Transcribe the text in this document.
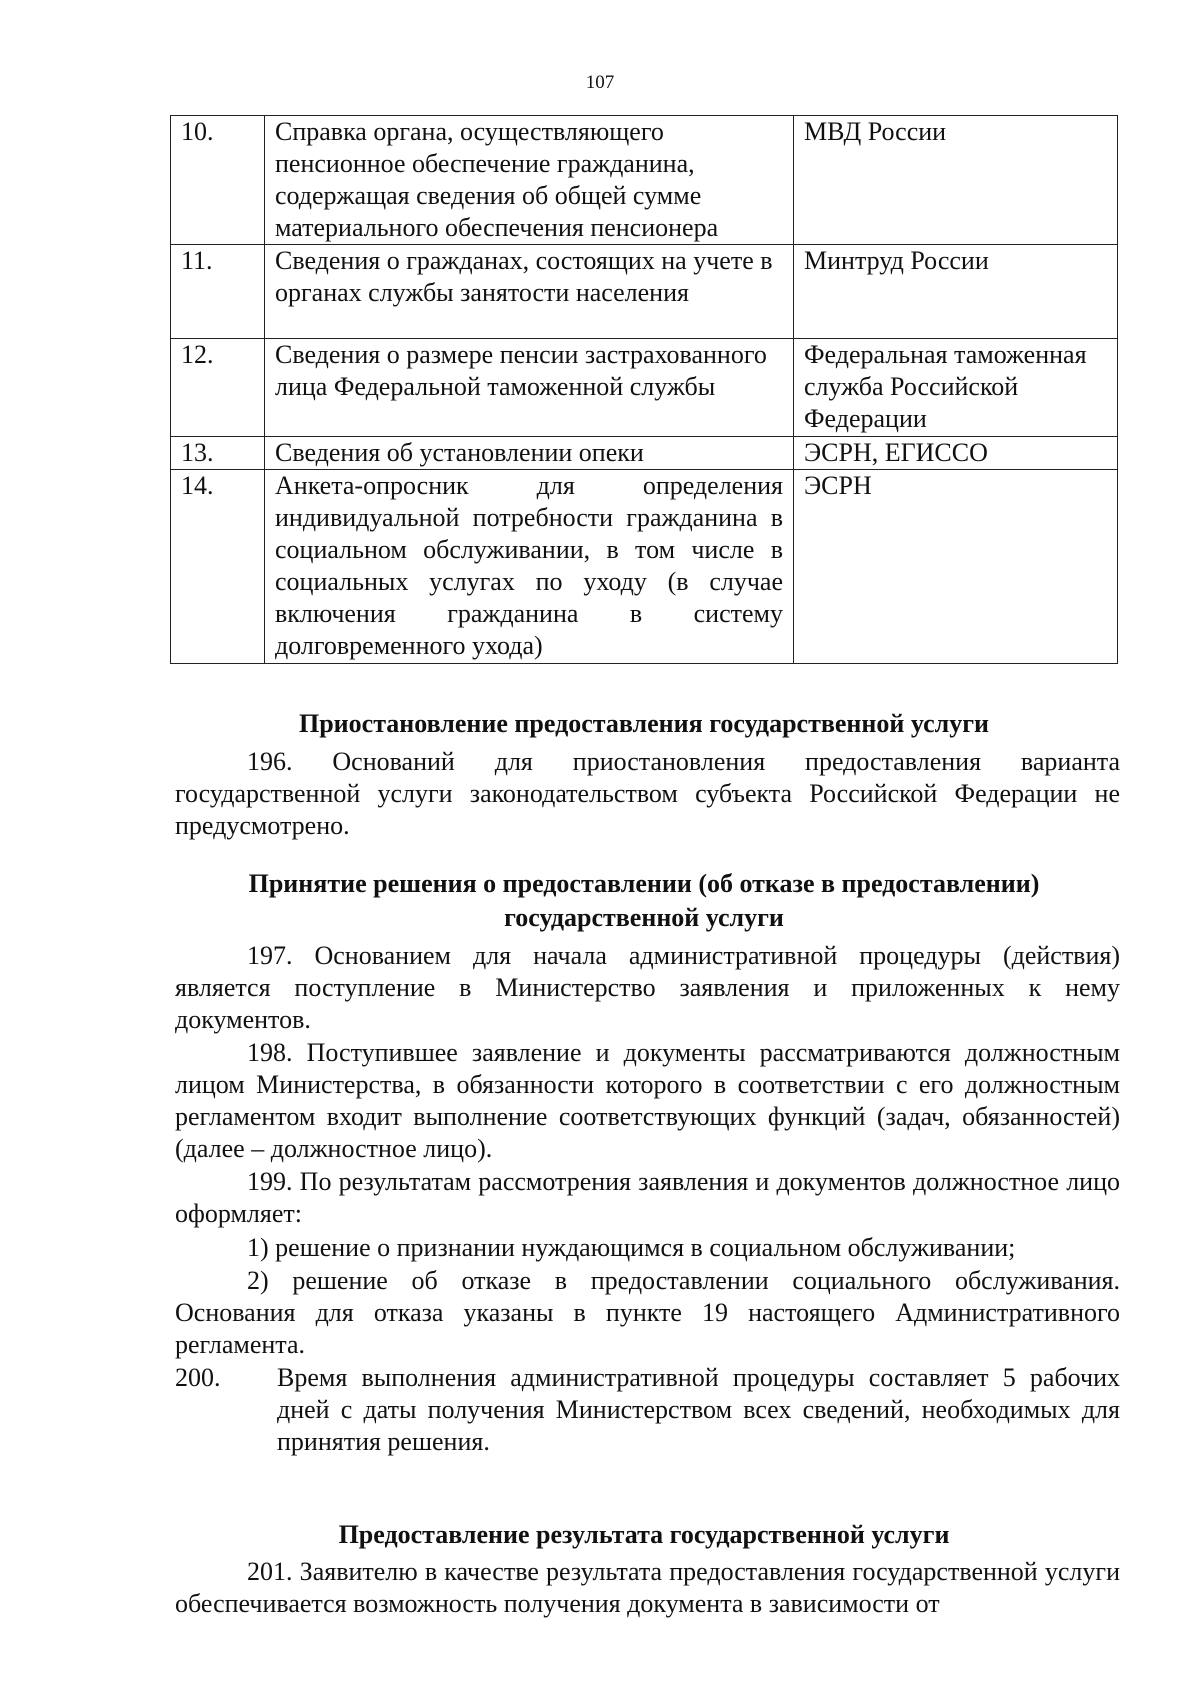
107
10.	Справка органа, осуществляющего пенсионное обеспечение гражданина, содержащая сведения об общей сумме материального обеспечения пенсионера	МВД России
11.	Сведения о гражданах, состоящих на учете в органах службы занятости населения	Минтруд России
12.	Сведения о размере пенсии застрахованного лица Федеральной таможенной службы	Федеральная таможенная служба Российской Федерации
13.	Сведения об установлении опеки	ЭСРН, ЕГИССО
14.	Анкета-опросник для определения индивидуальной потребности гражданина в социальном обслуживании, в том числе в социальных услугах по уходу (в случае включения гражданина в систему долговременного ухода)	ЭСРН
Приостановление предоставления государственной услуги
196. Оснований для приостановления предоставления варианта государственной услуги законодательством субъекта Российской Федерации не предусмотрено.
Принятие решения о предоставлении (об отказе в предоставлении)
государственной услуги
197. Основанием для начала административной процедуры (действия) является поступление в Министерство заявления и приложенных к нему документов.
198. Поступившее заявление и документы рассматриваются должностным лицом Министерства, в обязанности которого в соответствии с его должностным регламентом входит выполнение соответствующих функций (задач, обязанностей) (далее – должностное лицо).
199. По результатам рассмотрения заявления и документов должностное лицо оформляет:
1) решение о признании нуждающимся в социальном обслуживании;
2) решение об отказе в предоставлении социального обслуживания. Основания для отказа указаны в пункте 19 настоящего Административного регламента.
200. Время выполнения административной процедуры составляет 5 рабочих дней с даты получения Министерством всех сведений, необходимых для принятия решения.
Предоставление результата государственной услуги
201. Заявителю в качестве результата предоставления государственной услуги обеспечивается возможность получения документа в зависимости от
